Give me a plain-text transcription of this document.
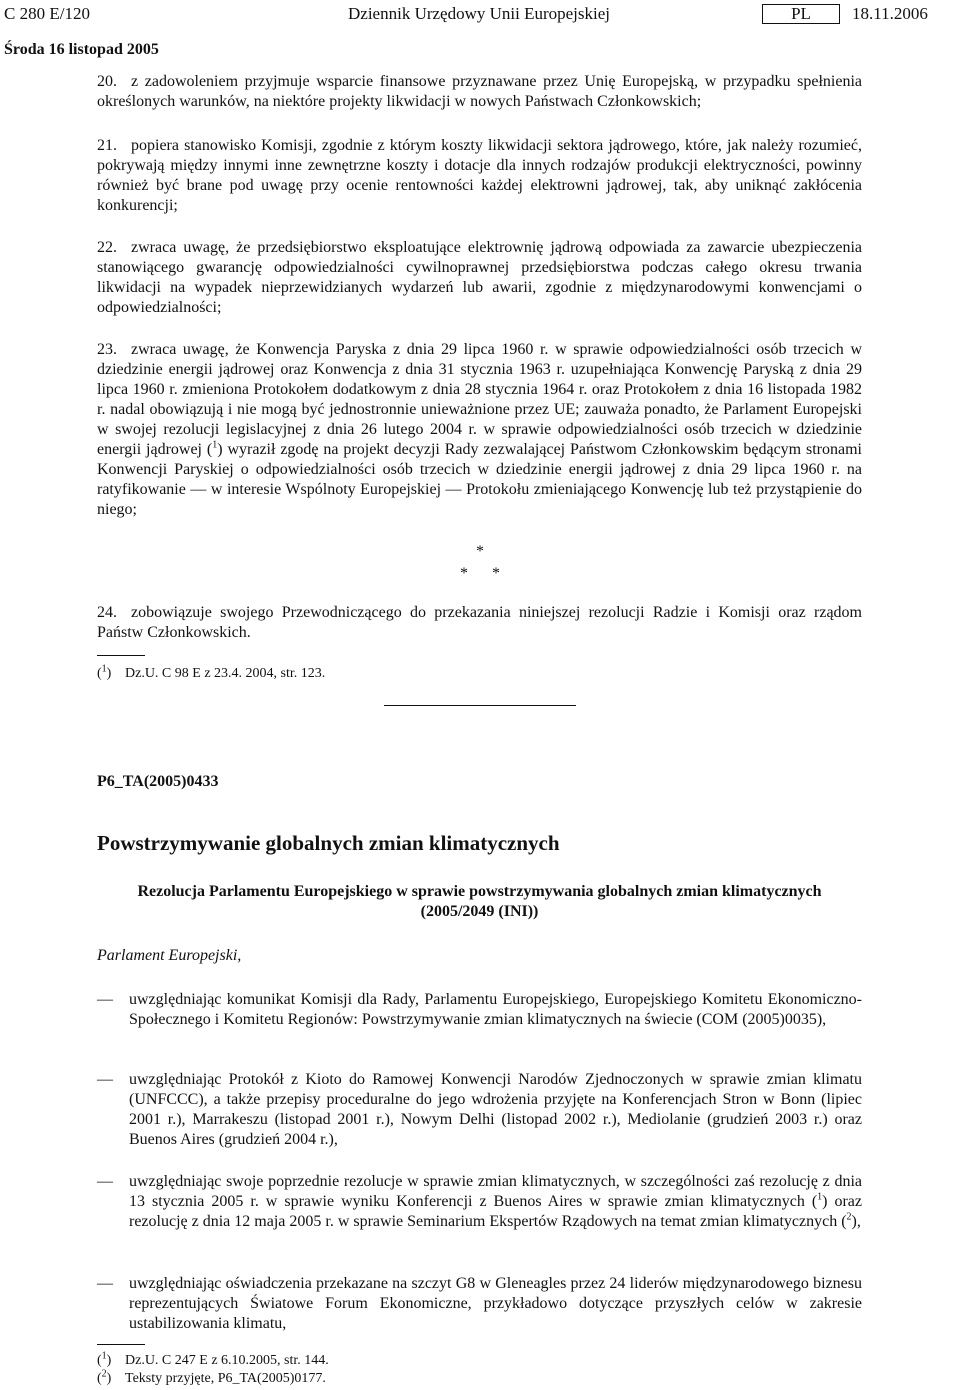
C 280 E/120	Dziennik Urzędowy Unii Europejskiej	PL	18.11.2006
Środa 16 listopad 2005

20. z zadowoleniem przyjmuje wsparcie finansowe przyznawane przez Unię Europejską, w przypadku spełnienia określonych warunków, na niektóre projekty likwidacji w nowych Państwach Członkowskich;

21. popiera stanowisko Komisji, zgodnie z którym koszty likwidacji sektora jądrowego, które, jak należy rozumieć, pokrywają między innymi inne zewnętrzne koszty i dotacje dla innych rodzajów produkcji elektryczności, powinny również być brane pod uwagę przy ocenie rentowności każdej elektrowni jądrowej, tak, aby uniknąć zakłócenia konkurencji;

22. zwraca uwagę, że przedsiębiorstwo eksploatujące elektrownię jądrową odpowiada za zawarcie ubezpieczenia stanowiącego gwarancję odpowiedzialności cywilnoprawnej przedsiębiorstwa podczas całego okresu trwania likwidacji na wypadek nieprzewidzianych wydarzeń lub awarii, zgodnie z międzynarodowymi konwencjami o odpowiedzialności;

23. zwraca uwagę, że Konwencja Paryska z dnia 29 lipca 1960 r. w sprawie odpowiedzialności osób trzecich w dziedzinie energii jądrowej oraz Konwencja z dnia 31 stycznia 1963 r. uzupełniająca Konwencję Paryską z dnia 29 lipca 1960 r. zmieniona Protokołem dodatkowym z dnia 28 stycznia 1964 r. oraz Protokołem z dnia 16 listopada 1982 r. nadal obowiązują i nie mogą być jednostronnie unieważnione przez UE; zauważa ponadto, że Parlament Europejski w swojej rezolucji legislacyjnej z dnia 26 lutego 2004 r. w sprawie odpowiedzialności osób trzecich w dziedzinie energii jądrowej ($^1$) wyraził zgodę na projekt decyzji Rady zezwalającej Państwom Członkowskim będącym stronami Konwencji Paryskiej o odpowiedzialności osób trzecich w dziedzinie energii jądrowej z dnia 29 lipca 1960 r. na ratyfikowanie — w interesie Wspólnoty Europejskiej — Protokołu zmieniającego Konwencję lub też przystąpienie do niego;

*
*      *

24. zobowiązuje swojego Przewodniczącego do przekazania niniejszej rezolucji Radzie i Komisji oraz rządom Państw Członkowskich.

($^1$) Dz.U. C 98 E z 23.4. 2004, str. 123.
P6_TA(2005)0433
Powstrzymywanie globalnych zmian klimatycznych
Rezolucja Parlamentu Europejskiego w sprawie powstrzymywania globalnych zmian klimatycznych
(2005/2049 (INI))
Parlament Europejski,
— uwzględniając komunikat Komisji dla Rady, Parlamentu Europejskiego, Europejskiego Komitetu Ekonomiczno-Społecznego i Komitetu Regionów: Powstrzymywanie zmian klimatycznych na świecie (COM (2005)0035),
— uwzględniając Protokół z Kioto do Ramowej Konwencji Narodów Zjednoczonych w sprawie zmian klimatu (UNFCCC), a także przepisy proceduralne do jego wdrożenia przyjęte na Konferencjach Stron w Bonn (lipiec 2001 r.), Marrakeszu (listopad 2001 r.), Nowym Delhi (listopad 2002 r.), Mediolanie (grudzień 2003 r.) oraz Buenos Aires (grudzień 2004 r.),
— uwzględniając swoje poprzednie rezolucje w sprawie zmian klimatycznych, w szczególności zaś rezolucję z dnia 13 stycznia 2005 r. w sprawie wyniku Konferencji z Buenos Aires w sprawie zmian klimatycznych ($^1$) oraz rezolucję z dnia 12 maja 2005 r. w sprawie Seminarium Ekspertów Rządowych na temat zmian klimatycznych ($^2$),
— uwzględniając oświadczenia przekazane na szczyt G8 w Gleneagles przez 24 liderów międzynarodowego biznesu reprezentujących Światowe Forum Ekonomiczne, przykładowo dotyczące przyszłych celów w zakresie ustabilizowania klimatu,
($^1$) Dz.U. C 247 E z 6.10.2005, str. 144.
($^2$) Teksty przyjęte, P6_TA(2005)0177.
